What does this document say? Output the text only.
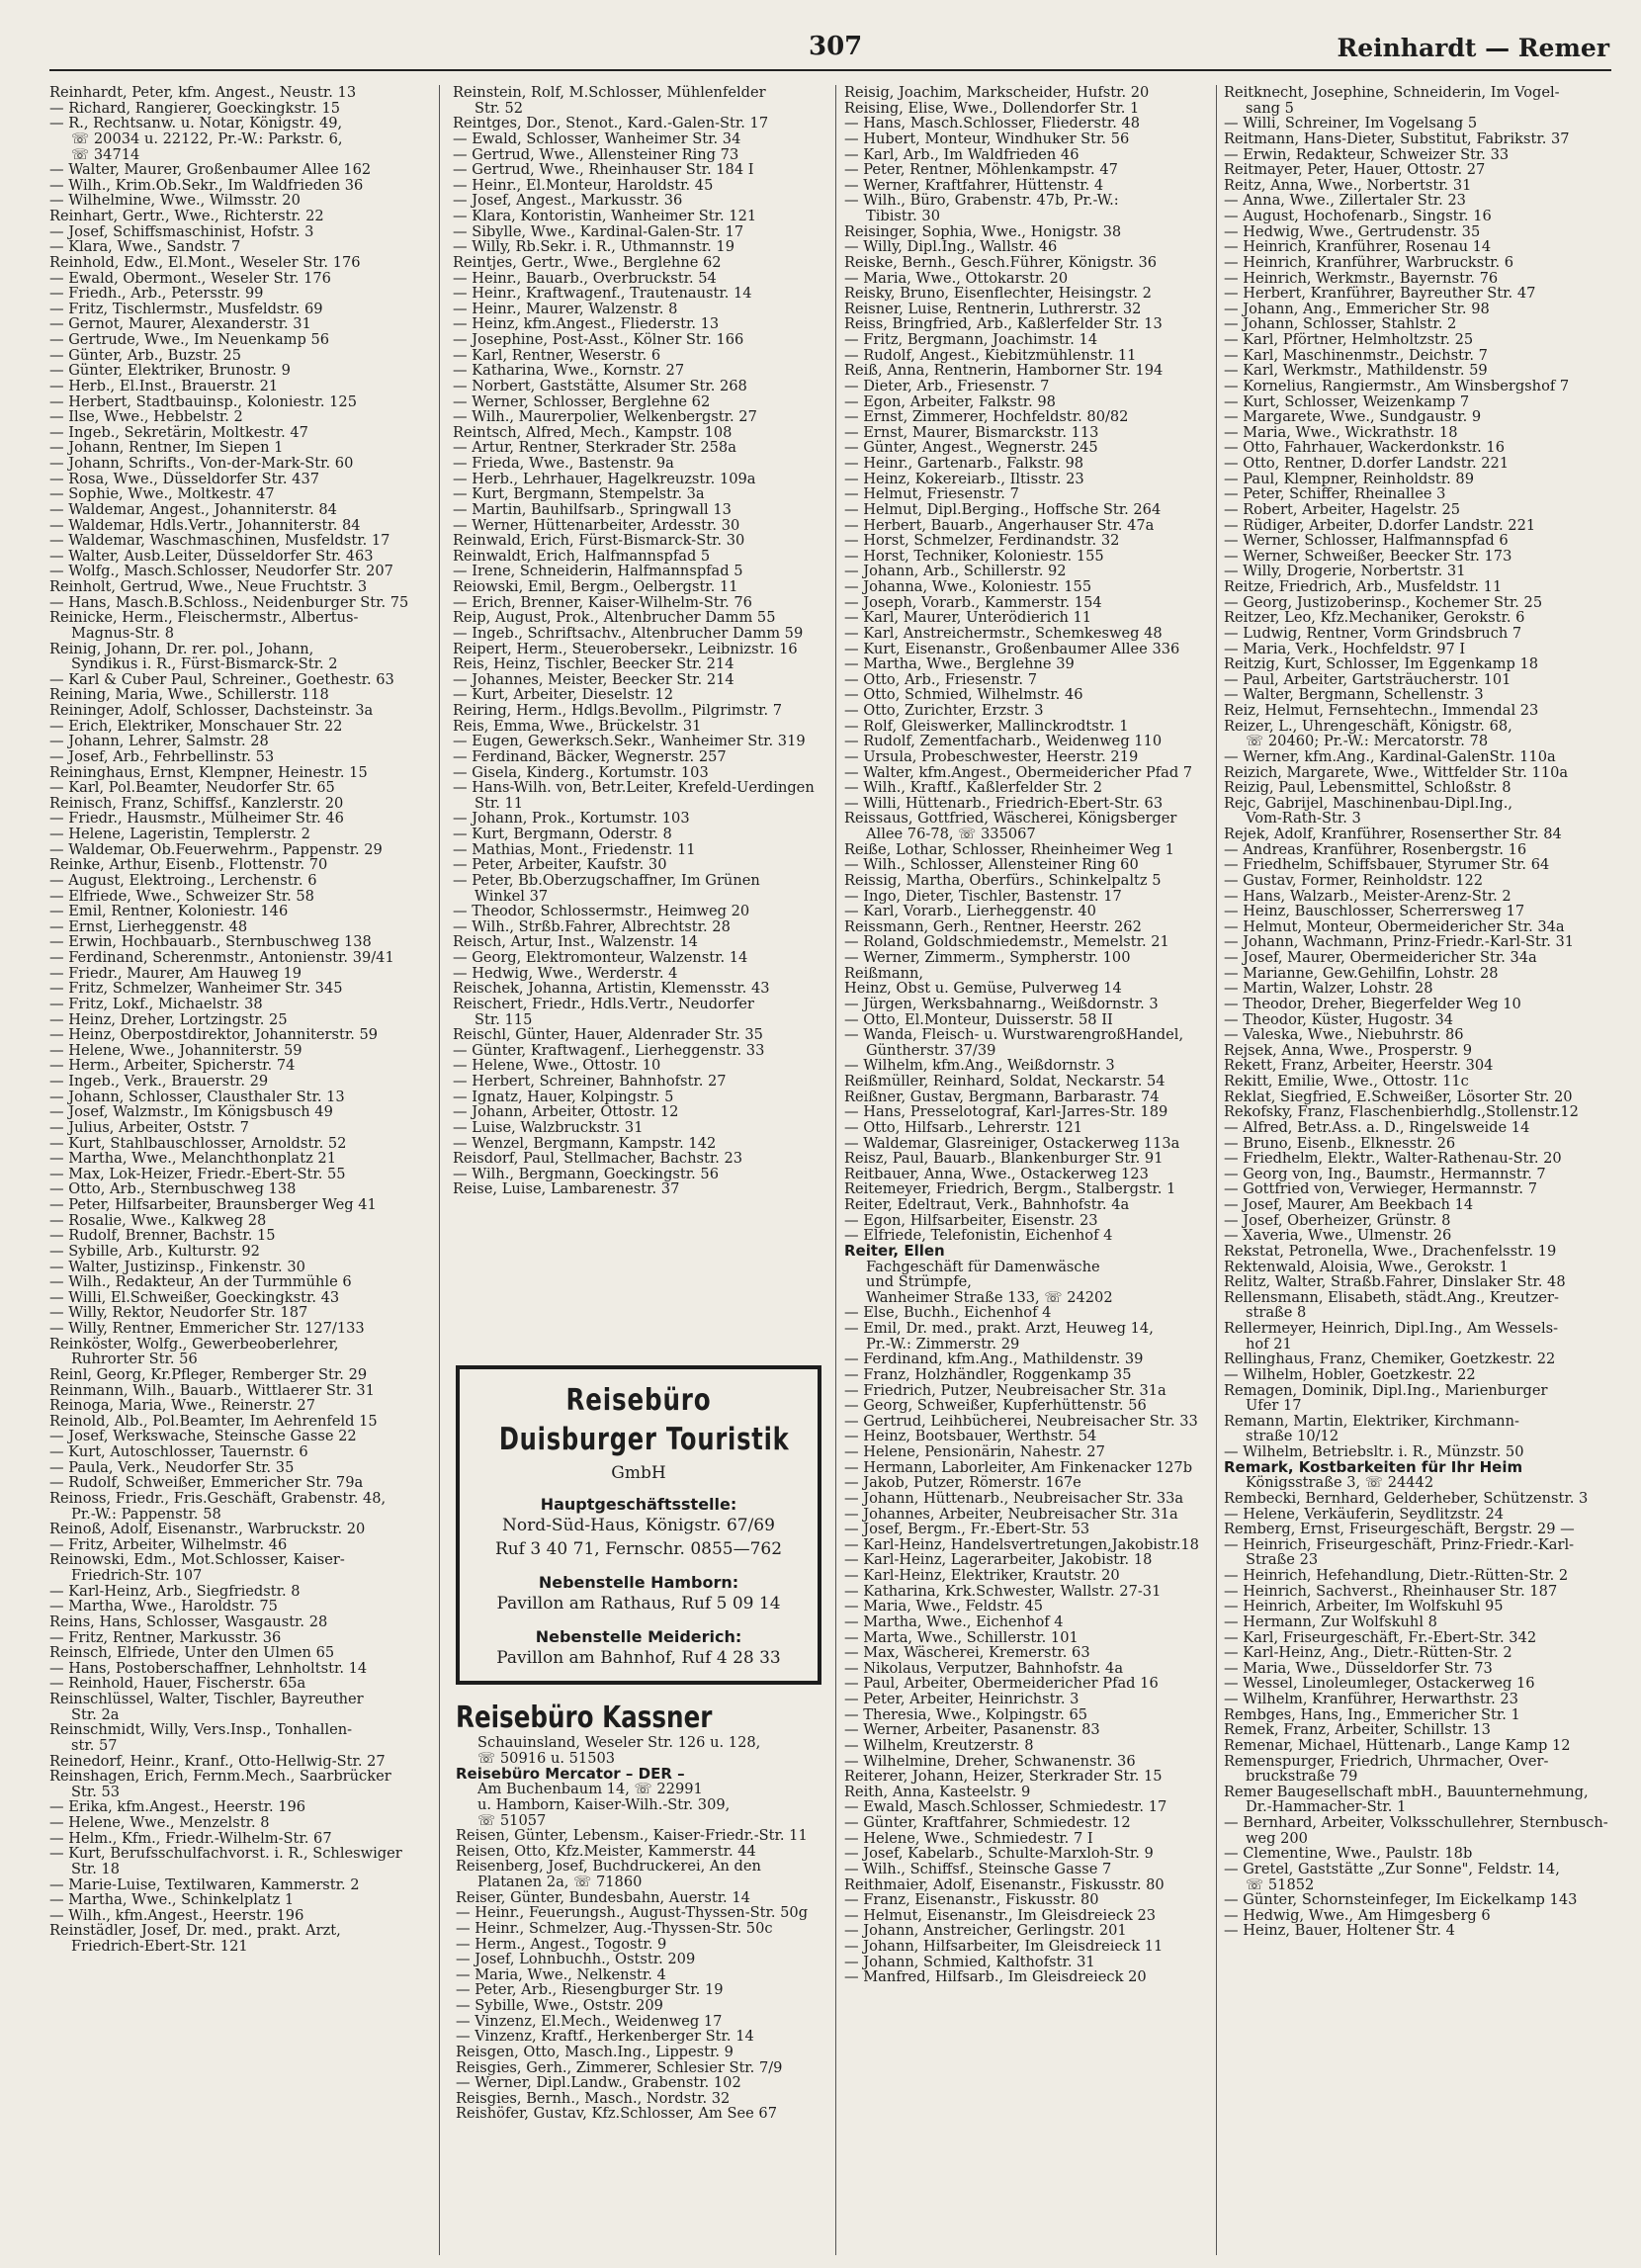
307	Reinhardt — Remer
Reinhardt, Peter, kfm. Angest., Neustr. 13
— Richard, Rangierer, Goeckingkstr. 15
— R., Rechtsanw. u. Notar, Königstr. 49,
☏ 20034 u. 22122, Pr.-W.: Parkstr. 6,
☏ 34714
— Walter, Maurer, Großenbaumer Allee 162
— Wilh., Krim.Ob.Sekr., Im Waldfrieden 36
— Wilhelmine, Wwe., Wilmsstr. 20
Reinhart, Gertr., Wwe., Richterstr. 22
— Josef, Schiffsmaschinist, Hofstr. 3
— Klara, Wwe., Sandstr. 7
Reinhold, Edw., El.Mont., Weseler Str. 176
— Ewald, Obermont., Weseler Str. 176
— Friedh., Arb., Petersstr. 99
— Fritz, Tischlermstr., Musfeldstr. 69
— Gernot, Maurer, Alexanderstr. 31
— Gertrude, Wwe., Im Neuenkamp 56
— Günter, Arb., Buzstr. 25
— Günter, Elektriker, Brunostr. 9
— Herb., El.Inst., Brauerstr. 21
— Herbert, Stadtbauinsp., Koloniestr. 125
— Ilse, Wwe., Hebbelstr. 2
— Ingeb., Sekretärin, Moltkestr. 47
— Johann, Rentner, Im Siepen 1
— Johann, Schrifts., Von-der-Mark-Str. 60
— Rosa, Wwe., Düsseldorfer Str. 437
— Sophie, Wwe., Moltkestr. 47
— Waldemar, Angest., Johanniterstr. 84
— Waldemar, Hdls.Vertr., Johanniterstr. 84
— Waldemar, Waschmaschinen, Musfeldstr. 17
— Walter, Ausb.Leiter, Düsseldorfer Str. 463
— Wolfg., Masch.Schlosser, Neudorfer Str. 207
Reinholt, Gertrud, Wwe., Neue Fruchtstr. 3
— Hans, Masch.B.Schloss., Neidenburger Str. 75
Reinicke, Herm., Fleischermstr., Albertus-
Magnus-Str. 8
Reinig, Johann, Dr. rer. pol., Johann,
Syndikus i. R., Fürst-Bismarck-Str. 2
— Karl & Cuber Paul, Schreiner., Goethestr. 63
Reining, Maria, Wwe., Schillerstr. 118
Reininger, Adolf, Schlosser, Dachsteinstr. 3a
— Erich, Elektriker, Monschauer Str. 22
— Johann, Lehrer, Salmstr. 28
— Josef, Arb., Fehrbellinstr. 53
Reininghaus, Ernst, Klempner, Heinestr. 15
— Karl, Pol.Beamter, Neudorfer Str. 65
Reinisch, Franz, Schiffsf., Kanzlerstr. 20
— Friedr., Hausmstr., Mülheimer Str. 46
— Helene, Lageristin, Templerstr. 2
— Waldemar, Ob.Feuerwehrm., Pappenstr. 29
Reinke, Arthur, Eisenb., Flottenstr. 70
— August, Elektroing., Lerchenstr. 6
— Elfriede, Wwe., Schweizer Str. 58
— Emil, Rentner, Koloniestr. 146
— Ernst, Lierheggenstr. 48
— Erwin, Hochbauarb., Sternbuschweg 138
— Ferdinand, Scherenmstr., Antonienstr. 39/41
— Friedr., Maurer, Am Hauweg 19
— Fritz, Schmelzer, Wanheimer Str. 345
— Fritz, Lokf., Michaelstr. 38
— Heinz, Dreher, Lortzingstr. 25
— Heinz, Oberpostdirektor, Johanniterstr. 59
— Helene, Wwe., Johanniterstr. 59
— Herm., Arbeiter, Spicherstr. 74
— Ingeb., Verk., Brauerstr. 29
— Johann, Schlosser, Clausthaler Str. 13
— Josef, Walzmstr., Im Königsbusch 49
— Julius, Arbeiter, Oststr. 7
— Kurt, Stahlbauschlosser, Arnoldstr. 52
— Martha, Wwe., Melanchthonplatz 21
— Max, Lok-Heizer, Friedr.-Ebert-Str. 55
— Otto, Arb., Sternbuschweg 138
— Peter, Hilfsarbeiter, Braunsberger Weg 41
— Rosalie, Wwe., Kalkweg 28
— Rudolf, Brenner, Bachstr. 15
— Sybille, Arb., Kulturstr. 92
— Walter, Justizinsp., Finkenstr. 30
— Wilh., Redakteur, An der Turmmühle 6
— Willi, El.Schweißer, Goeckingkstr. 43
— Willy, Rektor, Neudorfer Str. 187
— Willy, Rentner, Emmericher Str. 127/133
Reinköster, Wolfg., Gewerbeoberlehrer,
Ruhrorter Str. 56
Reinl, Georg, Kr.Pfleger, Remberger Str. 29
Reinmann, Wilh., Bauarb., Wittlaerer Str. 31
Reinoga, Maria, Wwe., Reinerstr. 27
Reinold, Alb., Pol.Beamter, Im Aehrenfeld 15
— Josef, Werkswache, Steinsche Gasse 22
— Kurt, Autoschlosser, Tauernstr. 6
— Paula, Verk., Neudorfer Str. 35
— Rudolf, Schweißer, Emmericher Str. 79a
Reinoss, Friedr., Fris.Geschäft, Grabenstr. 48,
Pr.-W.: Pappenstr. 58
Reinoß, Adolf, Eisenanstr., Warbruckstr. 20
— Fritz, Arbeiter, Wilhelmstr. 46
Reinowski, Edm., Mot.Schlosser, Kaiser-
Friedrich-Str. 107
— Karl-Heinz, Arb., Siegfriedstr. 8
— Martha, Wwe., Haroldstr. 75
Reins, Hans, Schlosser, Wasgaustr. 28
— Fritz, Rentner, Markusstr. 36
Reinsch, Elfriede, Unter den Ulmen 65
— Hans, Postoberschaffner, Lehnholtstr. 14
— Reinhold, Hauer, Fischerstr. 65a
Reinschlüssel, Walter, Tischler, Bayreuther
Str. 2a
Reinschmidt, Willy, Vers.Insp., Tonhallen-
str. 57
Reinedorf, Heinr., Kranf., Otto-Hellwig-Str. 27
Reinshagen, Erich, Fernm.Mech., Saarbrücker
Str. 53
— Erika, kfm.Angest., Heerstr. 196
— Helene, Wwe., Menzelstr. 8
— Helm., Kfm., Friedr.-Wilhelm-Str. 67
— Kurt, Berufsschulfachvorst. i. R., Schleswiger
Str. 18
— Marie-Luise, Textilwaren, Kammerstr. 2
— Martha, Wwe., Schinkelplatz 1
— Wilh., kfm.Angest., Heerstr. 196
Reinstädler, Josef, Dr. med., prakt. Arzt,
Friedrich-Ebert-Str. 121
Reinstein, Rolf, M.Schlosser, Mühlenfelder
Str. 52
Reintges, Dor., Stenot., Kard.-Galen-Str. 17
— Ewald, Schlosser, Wanheimer Str. 34
— Gertrud, Wwe., Allensteiner Ring 73
— Gertrud, Wwe., Rheinhauser Str. 184 I
— Heinr., El.Monteur, Haroldstr. 45
— Josef, Angest., Markusstr. 36
— Klara, Kontoristin, Wanheimer Str. 121
— Sibylle, Wwe., Kardinal-Galen-Str. 17
— Willy, Rb.Sekr. i. R., Uthmannstr. 19
Reintjes, Gertr., Wwe., Berglehne 62
— Heinr., Bauarb., Overbruckstr. 54
— Heinr., Kraftwagenf., Trautenaustr. 14
— Heinr., Maurer, Walzenstr. 8
— Heinz, kfm.Angest., Fliederstr. 13
— Josephine, Post-Asst., Kölner Str. 166
— Karl, Rentner, Weserstr. 6
— Katharina, Wwe., Kornstr. 27
— Norbert, Gaststätte, Alsumer Str. 268
— Werner, Schlosser, Berglehne 62
— Wilh., Maurerpolier, Welkenbergstr. 27
Reintsch, Alfred, Mech., Kampstr. 108
— Artur, Rentner, Sterkrader Str. 258a
— Frieda, Wwe., Bastenstr. 9a
— Herb., Lehrhauer, Hagelkreuzstr. 109a
— Kurt, Bergmann, Stempelstr. 3a
— Martin, Bauhilfsarb., Springwall 13
— Werner, Hüttenarbeiter, Ardesstr. 30
Reinwald, Erich, Fürst-Bismarck-Str. 30
Reinwaldt, Erich, Halfmannspfad 5
— Irene, Schneiderin, Halfmannspfad 5
Reiowski, Emil, Bergm., Oelbergstr. 11
— Erich, Brenner, Kaiser-Wilhelm-Str. 76
Reip, August, Prok., Altenbrucher Damm 55
— Ingeb., Schriftsachv., Altenbrucher Damm 59
Reipert, Herm., Steuerobersekr., Leibnizstr. 16
Reis, Heinz, Tischler, Beecker Str. 214
— Johannes, Meister, Beecker Str. 214
— Kurt, Arbeiter, Dieselstr. 12
Reiring, Herm., Hdlgs.Bevollm., Pilgrimstr. 7
Reis, Emma, Wwe., Brückelstr. 31
— Eugen, Gewerksch.Sekr., Wanheimer Str. 319
— Ferdinand, Bäcker, Wegnerstr. 257
— Gisela, Kinderg., Kortumstr. 103
— Hans-Wilh. von, Betr.Leiter, Krefeld-Uerdingen
Str. 11
— Johann, Prok., Kortumstr. 103
— Kurt, Bergmann, Oderstr. 8
— Mathias, Mont., Friedenstr. 11
— Peter, Arbeiter, Kaufstr. 30
— Peter, Bb.Oberzugschaffner, Im Grünen
Winkel 37
— Theodor, Schlossermstr., Heimweg 20
— Wilh., Strßb.Fahrer, Albrechtstr. 28
Reisch, Artur, Inst., Walzenstr. 14
— Georg, Elektromonteur, Walzenstr. 14
— Hedwig, Wwe., Werderstr. 4
Reischek, Johanna, Artistin, Klemensstr. 43
Reischert, Friedr., Hdls.Vertr., Neudorfer
Str. 115
Reischl, Günter, Hauer, Aldenrader Str. 35
— Günter, Kraftwagenf., Lierheggenstr. 33
— Helene, Wwe., Ottostr. 10
— Herbert, Schreiner, Bahnhofstr. 27
— Ignatz, Hauer, Kolpingstr. 5
— Johann, Arbeiter, Ottostr. 12
— Luise, Walzbruckstr. 31
— Wenzel, Bergmann, Kampstr. 142
Reisdorf, Paul, Stellmacher, Bachstr. 23
— Wilh., Bergmann, Goeckingstr. 56
Reise, Luise, Lambarenestr. 37
Reisig, Joachim, Markscheider, Hufstr. 20
Reising, Elise, Wwe., Dollendorfer Str. 1
— Hans, Masch.Schlosser, Fliederstr. 48
— Hubert, Monteur, Windhuker Str. 56
— Karl, Arb., Im Waldfrieden 46
— Peter, Rentner, Möhlenkampstr. 47
— Werner, Kraftfahrer, Hüttenstr. 4
— Wilh., Büro, Grabenstr. 47b, Pr.-W.:
Tibistr. 30
Reisinger, Sophia, Wwe., Honigstr. 38
— Willy, Dipl.Ing., Wallstr. 46
Reiske, Bernh., Gesch.Führer, Königstr. 36
— Maria, Wwe., Ottokarstr. 20
Reisky, Bruno, Eisenflechter, Heisingstr. 2
Reisner, Luise, Rentnerin, Luthrerstr. 32
Reiss, Bringfried, Arb., Kaßlerfelder Str. 13
— Fritz, Bergmann, Joachimstr. 14
— Rudolf, Angest., Kiebitzmühlenstr. 11
Reiß, Anna, Rentnerin, Hamborner Str. 194
— Dieter, Arb., Friesenstr. 7
— Egon, Arbeiter, Falkstr. 98
— Ernst, Zimmerer, Hochfeldstr. 80/82
— Ernst, Maurer, Bismarckstr. 113
— Günter, Angest., Wegnerstr. 245
— Heinr., Gartenarb., Falkstr. 98
— Heinz, Kokereiarb., Iltisstr. 23
— Helmut, Friesenstr. 7
— Helmut, Dipl.Berging., Hoffsche Str. 264
— Herbert, Bauarb., Angerhauser Str. 47a
— Horst, Schmelzer, Ferdinandstr. 32
— Horst, Techniker, Koloniestr. 155
— Johann, Arb., Schillerstr. 92
— Johanna, Wwe., Koloniestr. 155
— Joseph, Vorarb., Kammerstr. 154
— Karl, Maurer, Unterödierich 11
— Karl, Anstreichermstr., Schemkesweg 48
— Kurt, Eisenanstr., Großenbaumer Allee 336
— Martha, Wwe., Berglehne 39
— Otto, Arb., Friesenstr. 7
— Otto, Schmied, Wilhelmstr. 46
— Otto, Zurichter, Erzstr. 3
— Rolf, Gleiswerker, Mallinckrodtstr. 1
— Rudolf, Zementfacharb., Weidenweg 110
— Ursula, Probeschwester, Heerstr. 219
— Walter, kfm.Angest., Obermeidericher Pfad 7
— Wilh., Kraftf., Kaßlerfelder Str. 2
— Willi, Hüttenarb., Friedrich-Ebert-Str. 63
Reissaus, Gottfried, Wäscherei, Königsberger
Allee 76-78, ☏ 335067
Reiße, Lothar, Schlosser, Rheinheimer Weg 1
— Wilh., Schlosser, Allensteiner Ring 60
Reissig, Martha, Oberfürs., Schinkelpaltz 5
— Ingo, Dieter, Tischler, Bastenstr. 17
— Karl, Vorarb., Lierheggenstr. 40
Reissmann, Gerh., Rentner, Heerstr. 262
— Roland, Goldschmiedemstr., Memelstr. 21
— Werner, Zimmerm., Sympherstr. 100
Reißmann,
Heinz, Obst u. Gemüse, Pulverweg 14
— Jürgen, Werksbahnarng., Weißdornstr. 3
— Otto, El.Monteur, Duisserstr. 58 II
— Wanda, Fleisch- u. WurstwarengroßHandel,
Güntherstr. 37/39
— Wilhelm, kfm.Ang., Weißdornstr. 3
Reißmüller, Reinhard, Soldat, Neckarstr. 54
Reißner, Gustav, Bergmann, Barbarastr. 74
— Hans, Presselotograf, Karl-Jarres-Str. 189
— Otto, Hilfsarb., Lehrerstr. 121
— Waldemar, Glasreiniger, Ostackerweg 113a
Reisz, Paul, Bauarb., Blankenburger Str. 91
Reitbauer, Anna, Wwe., Ostackerweg 123
Reitemeyer, Friedrich, Bergm., Stalbergstr. 1
Reiter, Edeltraut, Verk., Bahnhofstr. 4a
— Egon, Hilfsarbeiter, Eisenstr. 23
— Elfriede, Telefonistin, Eichenhof 4
Reiter, Ellen
Fachgeschäft für Damenwäsche
und Strümpfe,
Wanheimer Straße 133, ☏ 24202
— Else, Buchh., Eichenhof 4
— Emil, Dr. med., prakt. Arzt, Heuweg 14,
Pr.-W.: Zimmerstr. 29
— Ferdinand, kfm.Ang., Mathildenstr. 39
— Franz, Holzhändler, Roggenkamp 35
— Friedrich, Putzer, Neubreisacher Str. 31a
— Georg, Schweißer, Kupferhüttenstr. 56
— Gertrud, Leihbücherei, Neubreisacher Str. 33
— Heinz, Bootsbauer, Werthstr. 54
— Helene, Pensionärin, Nahestr. 27
— Hermann, Laborleiter, Am Finkenacker 127b
— Jakob, Putzer, Römerstr. 167e
— Johann, Hüttenarb., Neubreisacher Str. 33a
— Johannes, Arbeiter, Neubreisacher Str. 31a
— Josef, Bergm., Fr.-Ebert-Str. 53
— Karl-Heinz, Handelsvertretungen,Jakobistr.18
— Karl-Heinz, Lagerarbeiter, Jakobistr. 18
— Karl-Heinz, Elektriker, Krautstr. 20
— Katharina, Krk.Schwester, Wallstr. 27-31
— Maria, Wwe., Feldstr. 45
— Martha, Wwe., Eichenhof 4
— Marta, Wwe., Schillerstr. 101
— Max, Wäscherei, Kremerstr. 63
— Nikolaus, Verputzer, Bahnhofstr. 4a
— Paul, Arbeiter, Obermeidericher Pfad 16
— Peter, Arbeiter, Heinrichstr. 3
— Theresia, Wwe., Kolpingstr. 65
— Werner, Arbeiter, Pasanenstr. 83
— Wilhelm, Kreutzerstr. 8
— Wilhelmine, Dreher, Schwanenstr. 36
Reiterer, Johann, Heizer, Sterkrader Str. 15
Reith, Anna, Kasteelstr. 9
— Ewald, Masch.Schlosser, Schmiedestr. 17
— Günter, Kraftfahrer, Schmiedestr. 12
— Helene, Wwe., Schmiedestr. 7 I
— Josef, Kabelarb., Schulte-Marxloh-Str. 9
— Wilh., Schiffsf., Steinsche Gasse 7
Reithmaier, Adolf, Eisenanstr., Fiskusstr. 80
— Franz, Eisenanstr., Fiskusstr. 80
— Helmut, Eisenanstr., Im Gleisdreieck 23
— Johann, Anstreicher, Gerlingstr. 201
— Johann, Hilfsarbeiter, Im Gleisdreieck 11
— Johann, Schmied, Kalthofstr. 31
— Manfred, Hilfsarb., Im Gleisdreieck 20
Reitknecht, Josephine, Schneiderin, Im Vogel-
sang 5
— Willi, Schreiner, Im Vogelsang 5
Reitmann, Hans-Dieter, Substitut, Fabrikstr. 37
— Erwin, Redakteur, Schweizer Str. 33
Reitmayer, Peter, Hauer, Ottostr. 27
Reitz, Anna, Wwe., Norbertstr. 31
— Anna, Wwe., Zillertaler Str. 23
— August, Hochofenarb., Singstr. 16
— Hedwig, Wwe., Gertrudenstr. 35
— Heinrich, Kranführer, Rosenau 14
— Heinrich, Kranführer, Warbruckstr. 6
— Heinrich, Werkmstr., Bayernstr. 76
— Herbert, Kranführer, Bayreuther Str. 47
— Johann, Ang., Emmericher Str. 98
— Johann, Schlosser, Stahlstr. 2
— Karl, Pförtner, Helmholtzstr. 25
— Karl, Maschinenmstr., Deichstr. 7
— Karl, Werkmstr., Mathildenstr. 59
— Kornelius, Rangiermstr., Am Winsbergshof 7
— Kurt, Schlosser, Weizenkamp 7
— Margarete, Wwe., Sundgaustr. 9
— Maria, Wwe., Wickrathstr. 18
— Otto, Fahrhauer, Wackerdonkstr. 16
— Otto, Rentner, D.dorfer Landstr. 221
— Paul, Klempner, Reinholdstr. 89
— Peter, Schiffer, Rheinallee 3
— Robert, Arbeiter, Hagelstr. 25
— Rüdiger, Arbeiter, D.dorfer Landstr. 221
— Werner, Schlosser, Halfmannspfad 6
— Werner, Schweißer, Beecker Str. 173
— Willy, Drogerie, Norbertstr. 31
Reitze, Friedrich, Arb., Musfeldstr. 11
— Georg, Justizoberinsp., Kochemer Str. 25
Reitzer, Leo, Kfz.Mechaniker, Gerokstr. 6
— Ludwig, Rentner, Vorm Grindsbruch 7
— Maria, Verk., Hochfeldstr. 97 I
Reitzig, Kurt, Schlosser, Im Eggenkamp 18
— Paul, Arbeiter, Gartsträucherstr. 101
— Walter, Bergmann, Schellenstr. 3
Reiz, Helmut, Fernsehtechn., Immendal 23
Reizer, L., Uhrengeschäft, Königstr. 68,
☏ 20460; Pr.-W.: Mercatorstr. 78
— Werner, kfm.Ang., Kardinal-GalenStr. 110a
Reizich, Margarete, Wwe., Wittfelder Str. 110a
Reizig, Paul, Lebensmittel, Schloßstr. 8
Rejc, Gabrijel, Maschinenbau-Dipl.Ing.,
Vom-Rath-Str. 3
Rejek, Adolf, Kranführer, Rosenserther Str. 84
— Andreas, Kranführer, Rosenbergstr. 16
— Friedhelm, Schiffsbauer, Styrumer Str. 64
— Gustav, Former, Reinholdstr. 122
— Hans, Walzarb., Meister-Arenz-Str. 2
— Heinz, Bauschlosser, Scherrersweg 17
— Helmut, Monteur, Obermeidericher Str. 34a
— Johann, Wachmann, Prinz-Friedr.-Karl-Str. 31
— Josef, Maurer, Obermeidericher Str. 34a
— Marianne, Gew.Gehilfin, Lohstr. 28
— Martin, Walzer, Lohstr. 28
— Theodor, Dreher, Biegerfelder Weg 10
— Theodor, Küster, Hugostr. 34
— Valeska, Wwe., Niebuhrstr. 86
Rejsek, Anna, Wwe., Prosperstr. 9
Rekett, Franz, Arbeiter, Heerstr. 304
Rekitt, Emilie, Wwe., Ottostr. 11c
Reklat, Siegfried, E.Schweißer, Lösorter Str. 20
Rekofsky, Franz, Flaschenbierhdlg.,Stollenstr.12
— Alfred, Betr.Ass. a. D., Ringelsweide 14
— Bruno, Eisenb., Elknesstr. 26
— Friedhelm, Elektr., Walter-Rathenau-Str. 20
— Georg von, Ing., Baumstr., Hermannstr. 7
— Gottfried von, Verwieger, Hermannstr. 7
— Josef, Maurer, Am Beekbach 14
— Josef, Oberheizer, Grünstr. 8
— Xaveria, Wwe., Ulmenstr. 26
Rekstat, Petronella, Wwe., Drachenfelsstr. 19
Rektenwald, Aloisia, Wwe., Gerokstr. 1
Relitz, Walter, Straßb.Fahrer, Dinslaker Str. 48
Rellensmann, Elisabeth, städt.Ang., Kreutzer-
straße 8
Rellermeyer, Heinrich, Dipl.Ing., Am Wessels-
hof 21
Rellinghaus, Franz, Chemiker, Goetzkestr. 22
— Wilhelm, Hobler, Goetzkestr. 22
Remagen, Dominik, Dipl.Ing., Marienburger
Ufer 17
Remann, Martin, Elektriker, Kirchmann-
straße 10/12
— Wilhelm, Betriebsltr. i. R., Münzstr. 50
Remark, Kostbarkeiten für Ihr Heim
Königsstraße 3, ☏ 24442
Rembecki, Bernhard, Gelderheber, Schützenstr. 3
— Helene, Verkäuferin, Seydlitzstr. 24
Remberg, Ernst, Friseurgeschäft, Bergstr. 29 —
— Heinrich, Friseurgeschäft, Prinz-Friedr.-Karl-
Straße 23
— Heinrich, Hefehandlung, Dietr.-Rütten-Str. 2
— Heinrich, Sachverst., Rheinhauser Str. 187
— Heinrich, Arbeiter, Im Wolfskuhl 95
— Hermann, Zur Wolfskuhl 8
— Karl, Friseurgeschäft, Fr.-Ebert-Str. 342
— Karl-Heinz, Ang., Dietr.-Rütten-Str. 2
— Maria, Wwe., Düsseldorfer Str. 73
— Wessel, Linoleumleger, Ostackerweg 16
— Wilhelm, Kranführer, Herwarthstr. 23
Rembges, Hans, Ing., Emmericher Str. 1
Remek, Franz, Arbeiter, Schillstr. 13
Remenar, Michael, Hüttenarb., Lange Kamp 12
Remenspurger, Friedrich, Uhrmacher, Over-
bruckstraße 79
Remer Baugesellschaft mbH., Bauunternehmung,
Dr.-Hammacher-Str. 1
— Bernhard, Arbeiter, Volksschullehrer, Sternbusch-
weg 200
— Clementine, Wwe., Paulstr. 18b
— Gretel, Gaststätte „Zur Sonne", Feldstr. 14,
☏ 51852
— Günter, Schornsteinfeger, Im Eickelkamp 143
— Hedwig, Wwe., Am Himgesberg 6
— Heinz, Bauer, Holtener Str. 4
Reisebüro
Duisburger Touristik
GmbH
Hauptgeschäftsstelle:
Nord-Süd-Haus, Königstr. 67/69
Ruf 3 40 71, Fernschr. 0855—762
Nebenstelle Hamborn:
Pavillon am Rathaus, Ruf 5 09 14
Nebenstelle Meiderich:
Pavillon am Bahnhof, Ruf 4 28 33
Reisebüro Kassner
Schauinsland, Weseler Str. 126 u. 128,
☏ 50916 u. 51503
Reisebüro Mercator – DER –
Am Buchenbaum 14, ☏ 22991
u. Hamborn, Kaiser-Wilh.-Str. 309,
☏ 51057
Reisen, Günter, Lebensm., Kaiser-Friedr.-Str. 11
Reisen, Otto, Kfz.Meister, Kammerstr. 44
Reisenberg, Josef, Buchdruckerei, An den
Platanen 2a, ☏ 71860
Reiser, Günter, Bundesbahn, Auerstr. 14
— Heinr., Feuerungsh., August-Thyssen-Str. 50g
— Heinr., Schmelzer, Aug.-Thyssen-Str. 50c
— Herm., Angest., Togostr. 9
— Josef, Lohnbuchh., Oststr. 209
— Maria, Wwe., Nelkenstr. 4
— Peter, Arb., Riesengburger Str. 19
— Sybille, Wwe., Oststr. 209
— Vinzenz, El.Mech., Weidenweg 17
— Vinzenz, Kraftf., Herkenberger Str. 14
Reisgen, Otto, Masch.Ing., Lippestr. 9
Reisgies, Gerh., Zimmerer, Schlesier Str. 7/9
— Werner, Dipl.Landw., Grabenstr. 102
Reisgies, Bernh., Masch., Nordstr. 32
Reishöfer, Gustav, Kfz.Schlosser, Am See 67
